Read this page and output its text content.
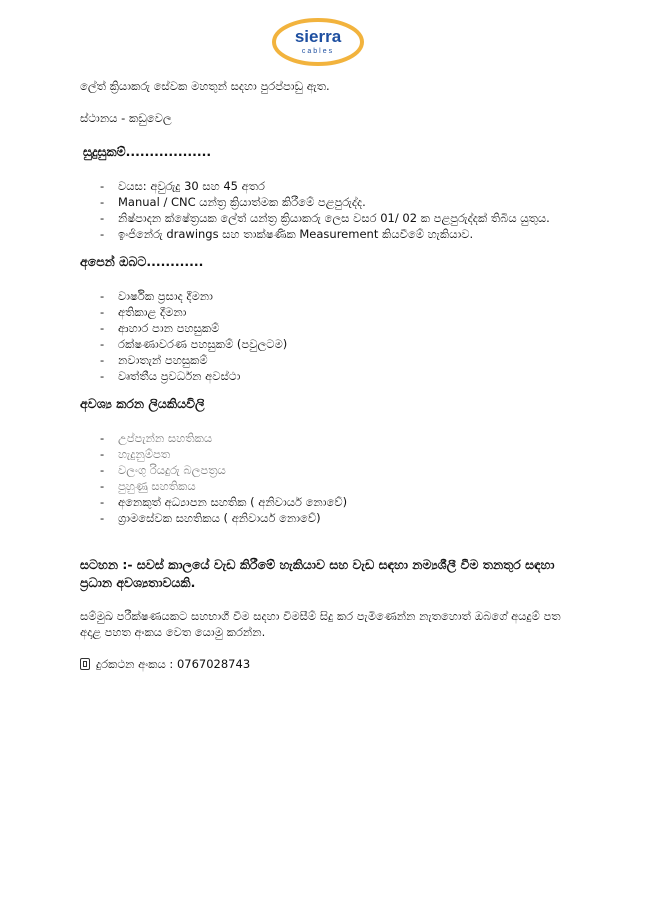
sierra
cables

ලේත් ක්‍රියාකරු සේවක මහතුන් සදහා පුරප්පාඩු ඇත.

ස්ථානය - කඩුවෙල

සුදුසුකම්..................

- වයස: අවුරුදු 30 සහ 45 අතර
- Manual / CNC යන්ත්‍ර ක්‍රියාත්මක කිරීමේ පළපුරුද්ද.
- නිෂ්පාදන ක්ෂේත්‍රයක ලේත් යන්ත්‍ර ක්‍රියාකරු ලෙස වසර 01/ 02 ක පළපුරුද්දක් තිබිය යුතුය.
- ඉංජිනේරු drawings සහ තාක්ෂණික Measurement කියවීමේ හැකියාව.

අපෙන් ඔබට............

- වාර්ෂික ප්‍රසාද දීමනා
- අතිකාළ දීමනා
- ආහාර පාන පහසුකම්
- රක්ෂණාවරණ පහසුකම් (පවුලටම)
- නවාතැන් පහසුකම්
- වෘත්තීය ප්‍රවර්ධන අවස්ථා

අවශ්‍ය කරන ලියකියවිලි

- උප්පැන්න සහතිකය
- හැදුනුම්පත
- වලංගු රියදුරු බලපත්‍රය
- පුහුණු සහතිකය
- අනෙකුත් අධ්‍යාපන සහතික ( අනිවාර්ය නොවේ)
- ග්‍රාමසේවක සහතිකය ( අනිවාර්ය නොවේ)

සටහන :- සවස් කාලයේ වැඩ කිරීමේ හැකියාව සහ වැඩ සඳහා නම්‍යශීලී වීම තනතුර සඳහා ප්‍රධාන අවශ්‍යතාවයකි.

සම්මුඛ පරීක්ෂණයකට සහභාගී වීම සදහා විමසීම් සිදු කර පැමිණෙන්න නැතහොත් ඔබගේ අයදුම් පත අදාළ පහත අංකය වෙත යොමු කරන්න.

දුරකථන අංකය : 0767028743
